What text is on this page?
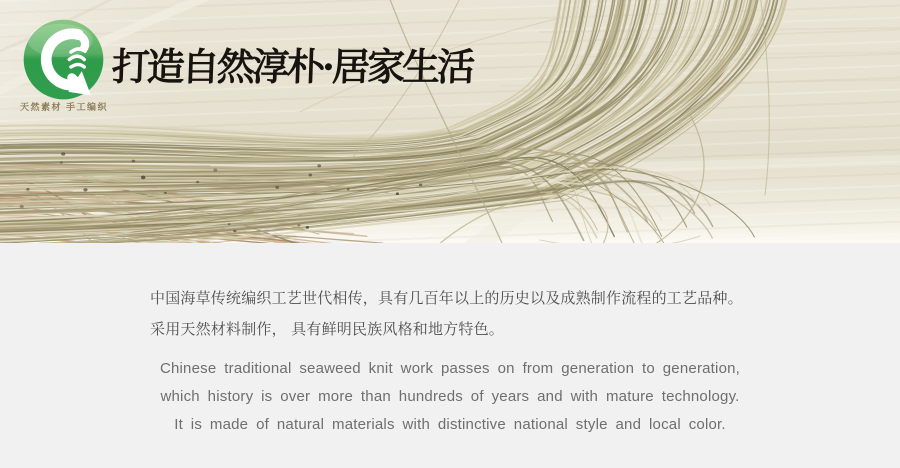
天然素材 手工编织
打造自然淳朴·居家生活
中国海草传统编织工艺世代相传，具有几百年以上的历史以及成熟制作流程的工艺品种。
采用天然材料制作， 具有鲜明民族风格和地方特色。
Chinese traditional seaweed knit work passes on from generation to generation,
which history is over more than hundreds of years and with mature technology.
It is made of natural materials with distinctive national style and local color.
